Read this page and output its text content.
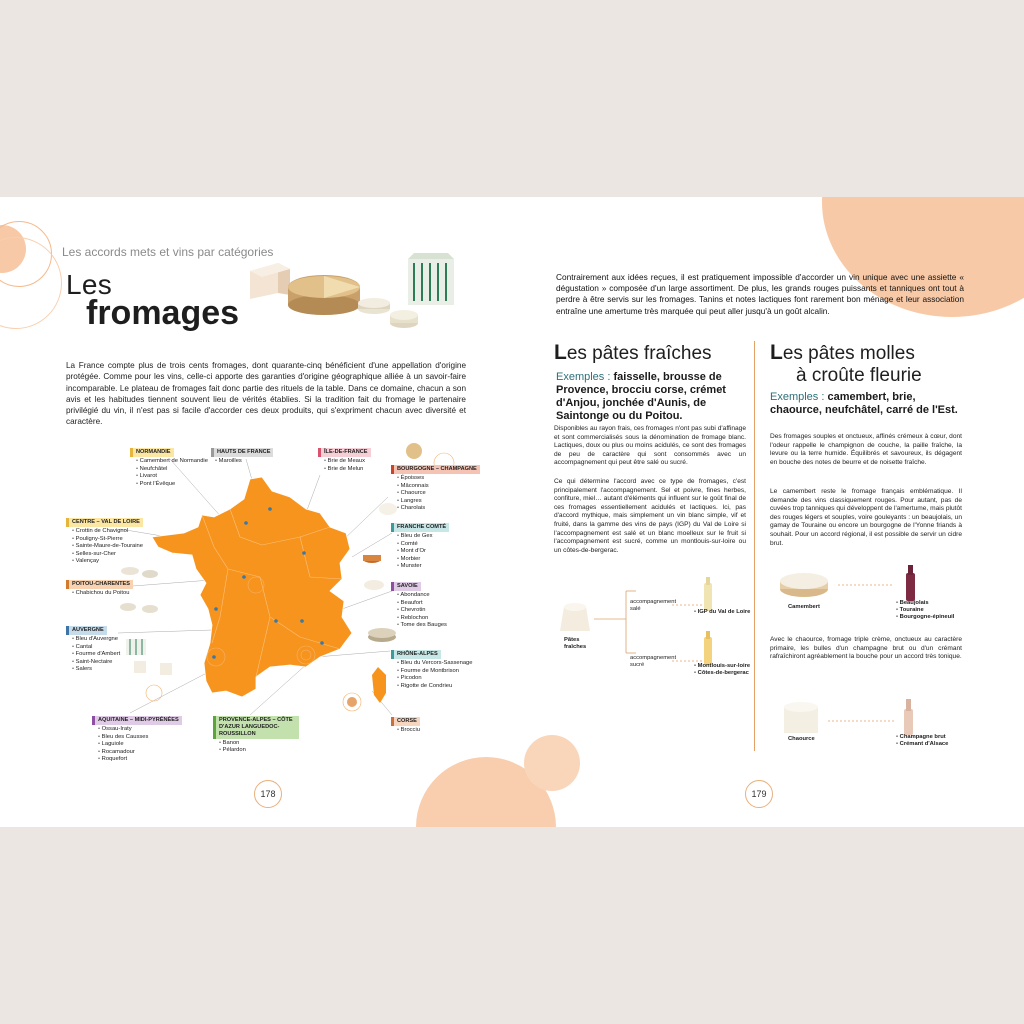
Les accords mets et vins par catégories
Les
fromages
La France compte plus de trois cents fromages, dont quarante-cinq bénéficient d'une appellation d'origine protégée. Comme pour les vins, celle-ci apporte des garanties d'origine géographique alliée à un savoir-faire incomparable. Le plateau de fromages fait donc partie des rituels de la table. Dans ce domaine, chacun a son avis et les habitudes tiennent souvent lieu de vérités établies. Si la tradition fait du fromage le partenaire privilégié du vin, il n'est pas si facile d'accorder ces deux produits, qui s'expriment chacun avec diversité et caractère.
NORMANDIE
• Camembert de Normandie
• Neufchâtel
• Livarot
• Pont l'Évêque
HAUTS DE FRANCE
• Maroilles
ÎLE-DE-FRANCE
• Brie de Meaux
• Brie de Melun	BOURGOGNE – CHAMPAGNE
• Époisses
• Mâconnais
• Chaource
• Langres
• Charolais
CENTRE – VAL DE LOIRE
• Crottin de Chavignol
• Pouligny-St-Pierre
• Sainte-Maure-de-Touraine
• Selles-sur-Cher
• Valençay
FRANCHE COMTÉ
• Bleu de Gex
• Comté
• Mont d'Or
• Morbier
• Munster
POITOU-CHARENTES
• Chabichou du Poitou
SAVOIE
• Abondance
• Beaufort
• Chevrotin
• Reblochon
• Tome des Bauges
AUVERGNE
• Bleu d'Auvergne
• Cantal
• Fourme d'Ambert
• Saint-Nectaire
• Salers
RHÔNE-ALPES
• Bleu du Vercors-Sassenage
• Fourme de Montbrison
• Picodon
• Rigotte de Condrieu
AQUITAINE – MIDI-PYRÉNÉES
• Ossau-Iraty
• Bleu des Causses
• Laguiole
• Rocamadour
• Roquefort
PROVENCE-ALPES – CÔTE D'AZUR LANGUEDOC-ROUSSILLON
• Banon
• Pélardon
CORSE
• Brocciu
178
Contrairement aux idées reçues, il est pratiquement impossible d'accorder un vin unique avec une assiette « dégustation » composée d'un large assortiment. De plus, les grands rouges puissants et tanniques ont tout à perdre à être servis sur les fromages. Tanins et notes lactiques font rarement bon ménage et leur association entraîne une amertume très marquée qui peut aller jusqu'à un goût alcalin.
Les pâtes fraîches
Exemples : faisselle, brousse de Provence, brocciu corse, crémet d'Anjou, jonchée d'Aunis, de Saintonge ou du Poitou.
Disponibles au rayon frais, ces fromages n'ont pas subi d'affinage et sont commercialisés sous la dénomination de fromage blanc. Lactiques, doux ou plus ou moins acidulés, ce sont des fromages de peu de caractère qui sont consommés avec un accompagnement qui peut être salé ou sucré.
Ce qui détermine l'accord avec ce type de fromages, c'est principalement l'accompagnement. Sel et poivre, fines herbes, confiture, miel… autant d'éléments qui influent sur le goût final de ces fromages essentiellement acidulés et lactiques. Ici, pas d'accord mythique, mais simplement un vin blanc simple, vif et fruité, dans la gamme des vins de pays (IGP) du Val de Loire si l'accompagnement est salé et un blanc moelleux sur le fruit si l'accompagnement est sucré, comme un montlouis-sur-loire ou un côtes-de-bergerac.
Pâtes fraîches
accompagnement salé
accompagnement sucré
• IGP du Val de Loire
• Montlouis-sur-loire
• Côtes-de-bergerac
Les pâtes molles
à croûte fleurie
Exemples : camembert, brie, chaource, neufchâtel, carré de l'Est.
Des fromages souples et onctueux, affinés crémeux à cœur, dont l'odeur rappelle le champignon de couche, la paille fraîche, la levure ou la terre humide. Équilibrés et savoureux, ils dégagent en bouche des notes de beurre et de noisette fraîche.
Le camembert reste le fromage français emblématique. Il demande des vins classiquement rouges. Pour autant, pas de cuvées trop tanniques qui développent de l'amertume, mais plutôt des rouges légers et souples, voire gouleyants : un beaujolais, un gamay de Touraine ou encore un bourgogne de l'Yonne friands à souhait. Pour un accord régional, il est possible de servir un cidre brut.
Camembert
• Beaujolais
• Touraine
• Bourgogne-épineuil
Avec le chaource, fromage triple crème, onctueux au caractère primaire, les bulles d'un champagne brut ou d'un crémant rafraîchiront agréablement la bouche pour un accord très tonique.
Chaource
•	Champagne brut
• Crémant d'Alsace
179
